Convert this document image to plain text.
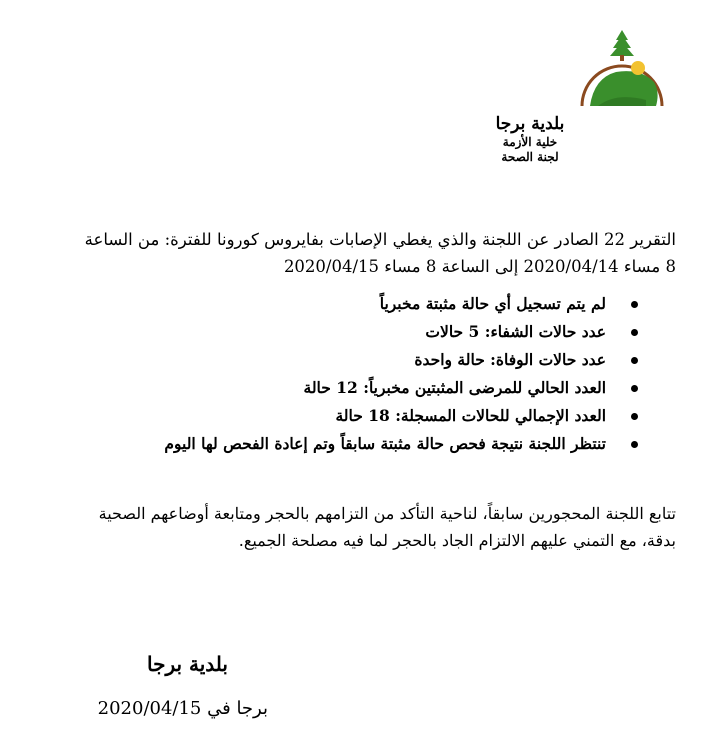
بلدية برجا
خلية الأزمة
لجنة الصحة
التقرير 22 الصادر عن اللجنة والذي يغطي الإصابات بفايروس كورونا للفترة: من الساعة 8 مساء 2020/04/14 إلى الساعة 8 مساء 2020/04/15
لم يتم تسجيل أي حالة مثبتة مخبرياً
عدد حالات الشفاء: 5 حالات
عدد حالات الوفاة: حالة واحدة
العدد الحالي للمرضى المثبتين مخبرياً: 12 حالة
العدد الإجمالي للحالات المسجلة: 18 حالة
تنتظر اللجنة نتيجة فحص حالة مثبتة سابقاً وتم إعادة الفحص لها اليوم
تتابع اللجنة المحجورين سابقاً، لناحية التأكد من التزامهم بالحجر ومتابعة أوضاعهم الصحية بدقة، مع التمني عليهم الالتزام الجاد بالحجر لما فيه مصلحة الجميع.
بلدية برجا
برجا في 2020/04/15
